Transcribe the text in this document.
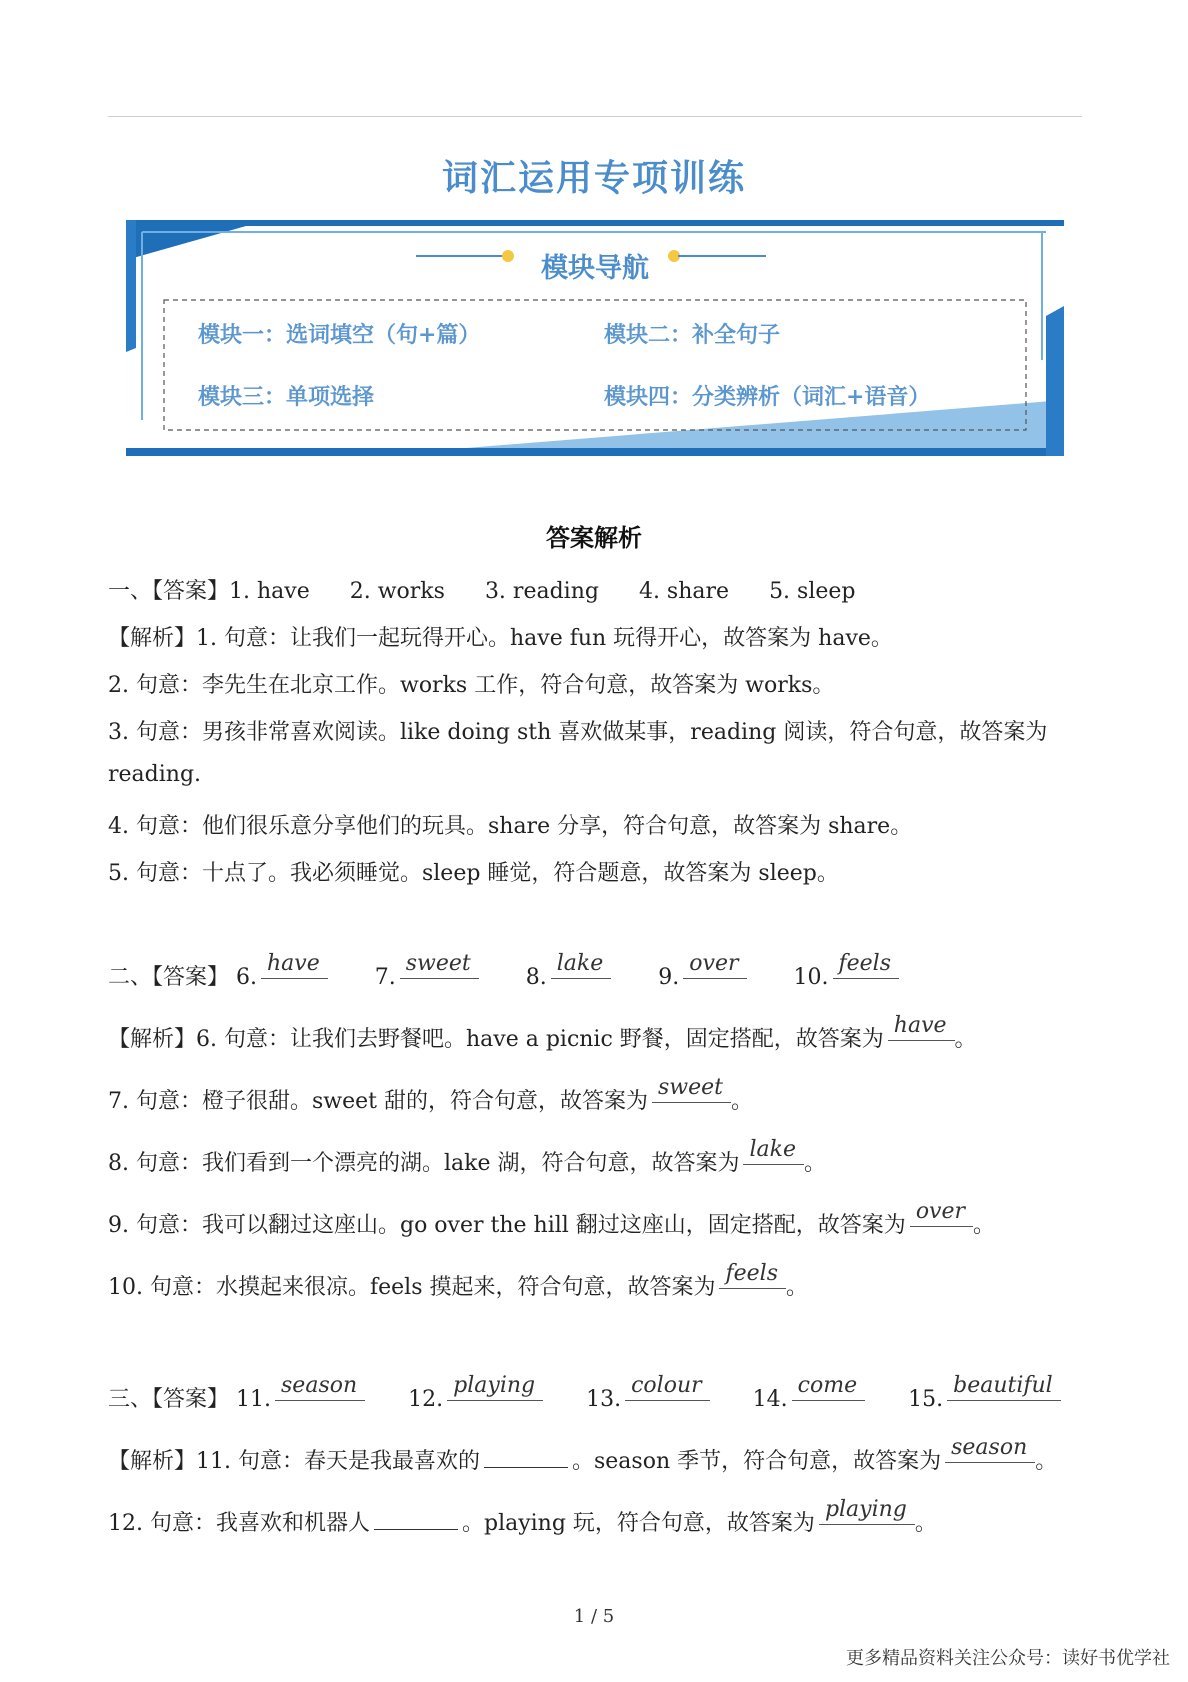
词汇运用专项训练
模块导航
模块一：选词填空（句+篇）	模块二：补全句子
模块三：单项选择	模块四：分类辨析（词汇+语音）
答案解析
一、【答案】1. have 2. works 3. reading 4. share 5. sleep
【解析】1. 句意：让我们一起玩得开心。have fun 玩得开心，故答案为 have。
2. 句意：李先生在北京工作。works 工作，符合句意，故答案为 works。
3. 句意：男孩非常喜欢阅读。like doing sth 喜欢做某事，reading 阅读，符合句意，故答案为
reading.
4. 句意：他们很乐意分享他们的玩具。share 分享，符合句意，故答案为 share。
5. 句意：十点了。我必须睡觉。sleep 睡觉，符合题意，故答案为 sleep。
二、【答案】 6.have 7.sweet 8.lake 9.over 10.feels
【解析】6. 句意：让我们去野餐吧。have a picnic 野餐，固定搭配，故答案为have。
7. 句意：橙子很甜。sweet 甜的，符合句意，故答案为sweet。
8. 句意：我们看到一个漂亮的湖。lake 湖，符合句意，故答案为lake。
9. 句意：我可以翻过这座山。go over the hill 翻过这座山，固定搭配，故答案为over。
10. 句意：水摸起来很凉。feels 摸起来，符合句意，故答案为feels。
三、【答案】 11.season 12.playing 13.colour 14.come 15.beautiful
【解析】11. 句意：春天是我最喜欢的	。season 季节，符合句意，故答案为season。
12. 句意：我喜欢和机器人	。playing 玩，符合句意，故答案为playing。
1 / 5
更多精品资料关注公众号：读好书优学社
